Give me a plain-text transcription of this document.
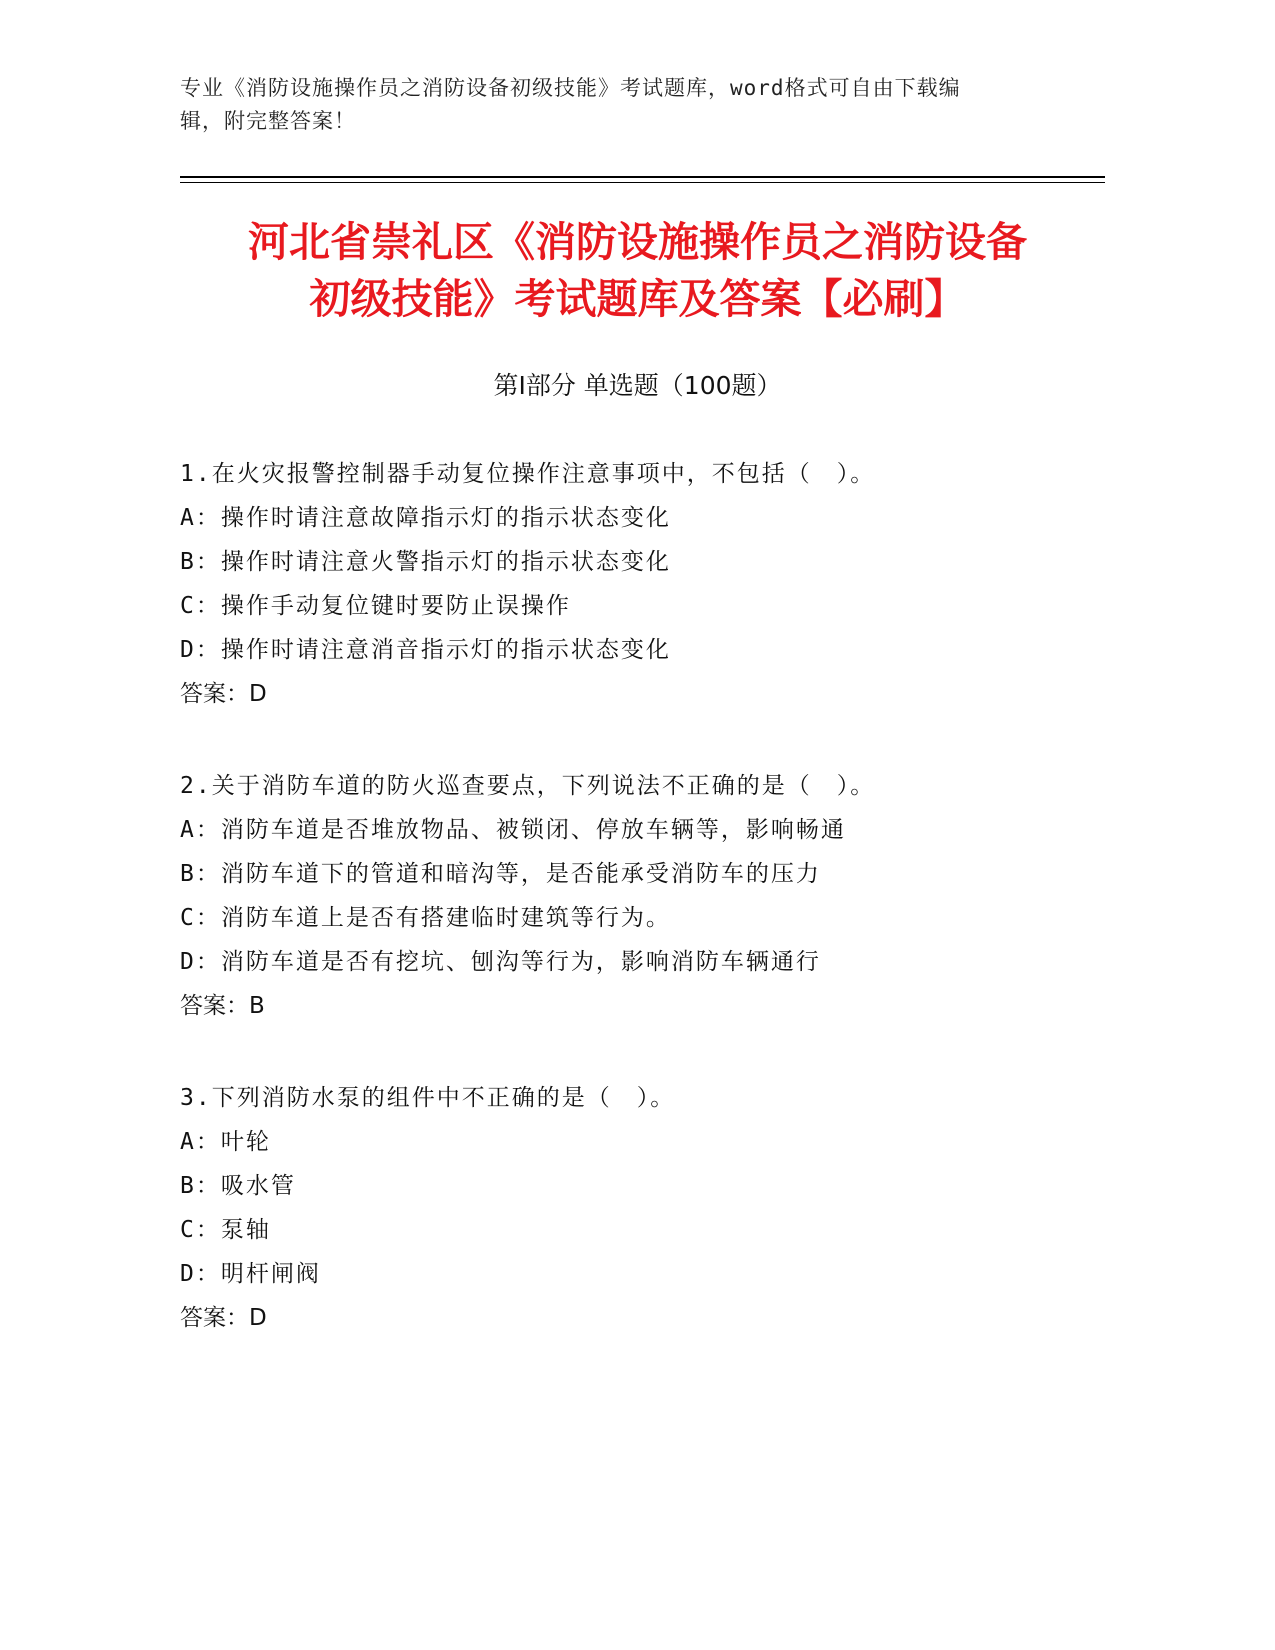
专业《消防设施操作员之消防设备初级技能》考试题库，word格式可自由下载编
辑，附完整答案！
河北省崇礼区《消防设施操作员之消防设备
初级技能》考试题库及答案【必刷】
第Ⅰ部分 单选题（100题）
1.在火灾报警控制器手动复位操作注意事项中，不包括（　）。
A：操作时请注意故障指示灯的指示状态变化
B：操作时请注意火警指示灯的指示状态变化
C：操作手动复位键时要防止误操作
D：操作时请注意消音指示灯的指示状态变化
答案：D
2.关于消防车道的防火巡查要点，下列说法不正确的是（　）。
A：消防车道是否堆放物品、被锁闭、停放车辆等，影响畅通
B：消防车道下的管道和暗沟等，是否能承受消防车的压力
C：消防车道上是否有搭建临时建筑等行为。
D：消防车道是否有挖坑、刨沟等行为，影响消防车辆通行
答案：B
3.下列消防水泵的组件中不正确的是（　）。
A：叶轮
B：吸水管
C：泵轴
D：明杆闸阀
答案：D
